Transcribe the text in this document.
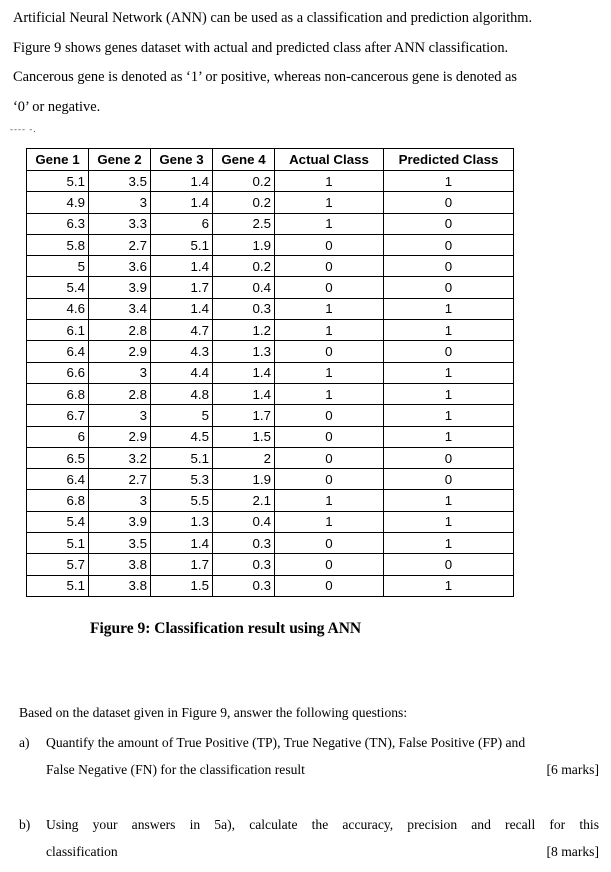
Artificial Neural Network (ANN) can be used as a classification and prediction algorithm.

Figure 9 shows genes dataset with actual and predicted class after ANN classification.

Cancerous gene is denoted as ‘1’ or positive, whereas non-cancerous gene is denoted as

‘0’ or negative.

---- -.
Gene 1	Gene 2	Gene 3	Gene 4	Actual Class	Predicted Class
5.1	3.5	1.4	0.2	1	1
4.9	3	1.4	0.2	1	0
6.3	3.3	6	2.5	1	0
5.8	2.7	5.1	1.9	0	0
5	3.6	1.4	0.2	0	0
5.4	3.9	1.7	0.4	0	0
4.6	3.4	1.4	0.3	1	1
6.1	2.8	4.7	1.2	1	1
6.4	2.9	4.3	1.3	0	0
6.6	3	4.4	1.4	1	1
6.8	2.8	4.8	1.4	1	1
6.7	3	5	1.7	0	1
6	2.9	4.5	1.5	0	1
6.5	3.2	5.1	2	0	0
6.4	2.7	5.3	1.9	0	0
6.8	3	5.5	2.1	1	1
5.4	3.9	1.3	0.4	1	1
5.1	3.5	1.4	0.3	0	1
5.7	3.8	1.7	0.3	0	0
5.1	3.8	1.5	0.3	0	1
Figure 9: Classification result using ANN

Based on the dataset given in Figure 9, answer the following questions:

a) Quantify the amount of True Positive (TP), True Negative (TN), False Positive (FP) and
False Negative (FN) for the classification result	[6 marks]
b) Using your answers in 5a), calculate the accuracy, precision and recall for this
classification	[8 marks]
